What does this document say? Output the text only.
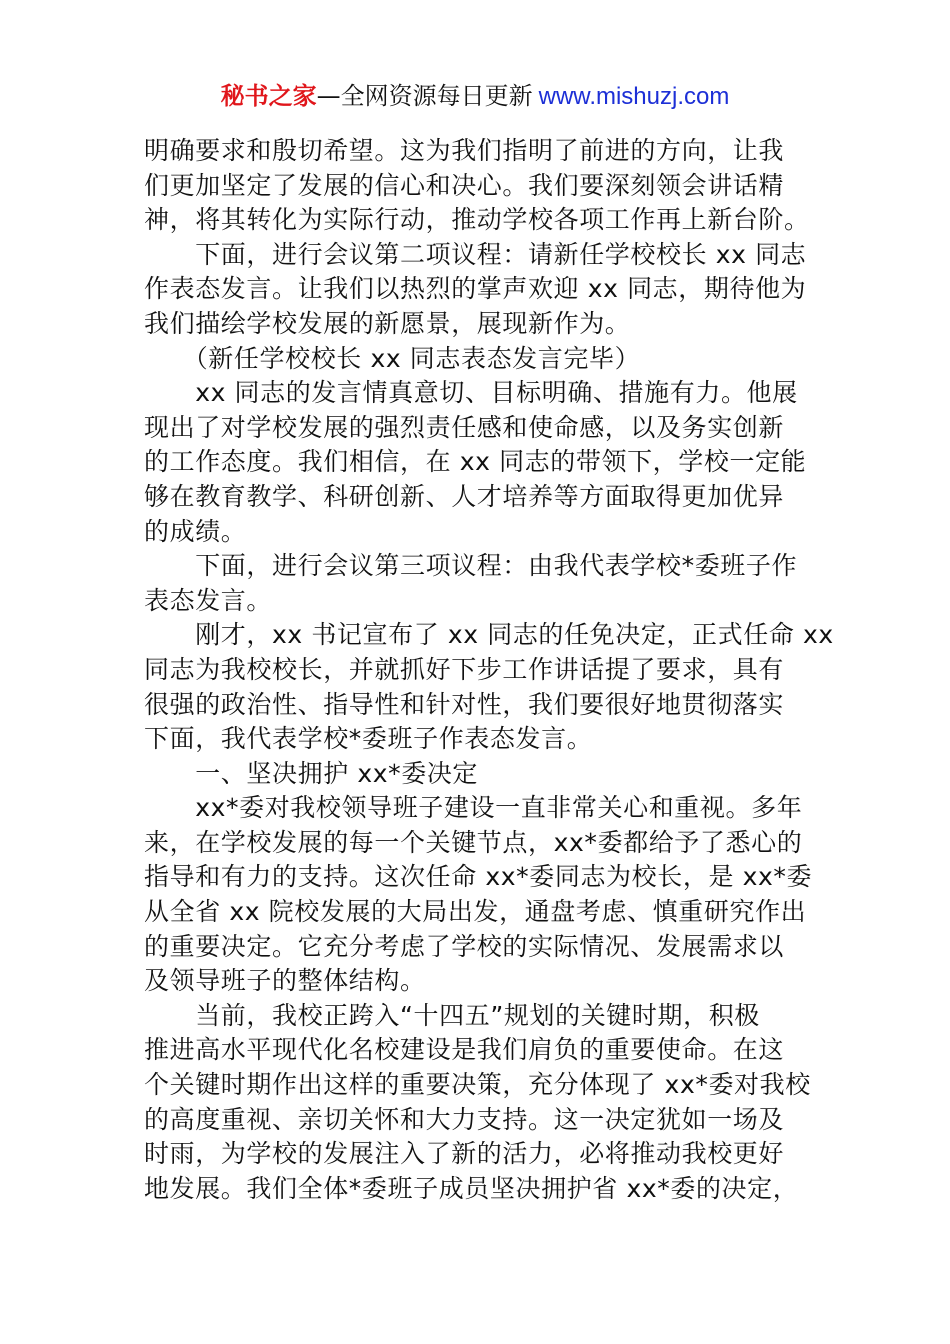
秘书之家—全网资源每日更新 www.mishuzj.com
明确要求和殷切希望。这为我们指明了前进的方向，让我
们更加坚定了发展的信心和决心。我们要深刻领会讲话精
神，将其转化为实际行动，推动学校各项工作再上新台阶。
　　下面，进行会议第二项议程：请新任学校校长 xx 同志
作表态发言。让我们以热烈的掌声欢迎 xx 同志，期待他为
我们描绘学校发展的新愿景，展现新作为。
　　（新任学校校长 xx 同志表态发言完毕）
　　xx 同志的发言情真意切、目标明确、措施有力。他展
现出了对学校发展的强烈责任感和使命感，以及务实创新
的工作态度。我们相信，在 xx 同志的带领下，学校一定能
够在教育教学、科研创新、人才培养等方面取得更加优异
的成绩。
　　下面，进行会议第三项议程：由我代表学校*委班子作
表态发言。
　　刚才，xx 书记宣布了 xx 同志的任免决定，正式任命 xx
同志为我校校长，并就抓好下步工作讲话提了要求，具有
很强的政治性、指导性和针对性，我们要很好地贯彻落实
下面，我代表学校*委班子作表态发言。
　　一、坚决拥护 xx*委决定
　　xx*委对我校领导班子建设一直非常关心和重视。多年
来，在学校发展的每一个关键节点，xx*委都给予了悉心的
指导和有力的支持。这次任命 xx*委同志为校长，是 xx*委
从全省 xx 院校发展的大局出发，通盘考虑、慎重研究作出
的重要决定。它充分考虑了学校的实际情况、发展需求以
及领导班子的整体结构。
　　当前，我校正跨入“十四五”规划的关键时期，积极
推进高水平现代化名校建设是我们肩负的重要使命。在这
个关键时期作出这样的重要决策，充分体现了 xx*委对我校
的高度重视、亲切关怀和大力支持。这一决定犹如一场及
时雨，为学校的发展注入了新的活力，必将推动我校更好
地发展。我们全体*委班子成员坚决拥护省 xx*委的决定，
